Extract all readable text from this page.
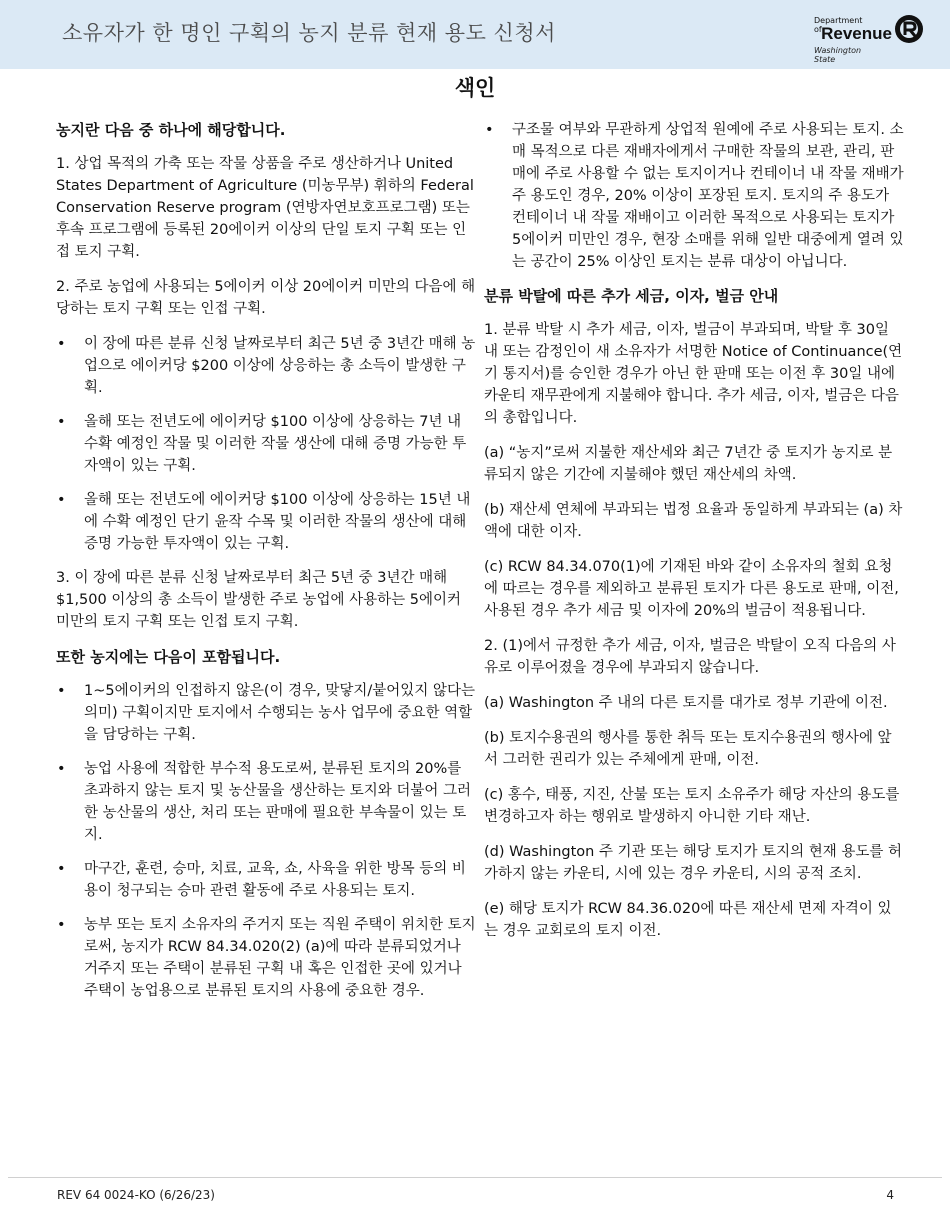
소유자가 한 명인 구획의 농지 분류 현재 용도 신청서
Department of Revenue
Washington State
색인
농지란 다음 중 하나에 해당합니다.

1. 상업 목적의 가축 또는 작물 상품을 주로 생산하거나 United States Department of Agriculture (미농무부) 휘하의 Federal Conservation Reserve program (연방자연보호프로그램) 또는 후속 프로그램에 등록된 20에이커 이상의 단일 토지 구획 또는 인접 토지 구획.

2. 주로 농업에 사용되는 5에이커 이상 20에이커 미만의 다음에 해당하는 토지 구획 또는 인접 구획.

•	이 장에 따른 분류 신청 날짜로부터 최근 5년 중 3년간 매해 농업으로 에이커당 $200 이상에 상응하는 총 소득이 발생한 구획.
•	올해 또는 전년도에 에이커당 $100 이상에 상응하는 7년 내 수확 예정인 작물 및 이러한 작물 생산에 대해 증명 가능한 투자액이 있는 구획.
•	올해 또는 전년도에 에이커당 $100 이상에 상응하는 15년 내에 수확 예정인 단기 윤작 수목 및 이러한 작물의 생산에 대해 증명 가능한 투자액이 있는 구획.

3. 이 장에 따른 분류 신청 날짜로부터 최근 5년 중 3년간 매해 $1,500 이상의 총 소득이 발생한 주로 농업에 사용하는 5에이커 미만의 토지 구획 또는 인접 토지 구획.

또한 농지에는 다음이 포함됩니다.
•	1~5에이커의 인접하지 않은(이 경우, 맞닿지/붙어있지 않다는 의미) 구획이지만 토지에서 수행되는 농사 업무에 중요한 역할을 담당하는 구획.
•	농업 사용에 적합한 부수적 용도로써, 분류된 토지의 20%를 초과하지 않는 토지 및 농산물을 생산하는 토지와 더불어 그러한 농산물의 생산, 처리 또는 판매에 필요한 부속물이 있는 토지.
•	마구간, 훈련, 승마, 치료, 교육, 쇼, 사육을 위한 방목 등의 비용이 청구되는 승마 관련 활동에 주로 사용되는 토지.
•	농부 또는 토지 소유자의 주거지 또는 직원 주택이 위치한 토지로써, 농지가 RCW 84.34.020(2) (a)에 따라 분류되었거나 거주지 또는 주택이 분류된 구획 내 혹은 인접한 곳에 있거나 주택이 농업용으로 분류된 토지의 사용에 중요한 경우.
•	구조물 여부와 무관하게 상업적 원예에 주로 사용되는 토지. 소매 목적으로 다른 재배자에게서 구매한 작물의 보관, 관리, 판매에 주로 사용할 수 없는 토지이거나 컨테이너 내 작물 재배가 주 용도인 경우, 20% 이상이 포장된 토지. 토지의 주 용도가 컨테이너 내 작물 재배이고 이러한 목적으로 사용되는 토지가 5에이커 미만인 경우, 현장 소매를 위해 일반 대중에게 열려 있는 공간이 25% 이상인 토지는 분류 대상이 아닙니다.
분류 박탈에 따른 추가 세금, 이자, 벌금 안내

1. 분류 박탈 시 추가 세금, 이자, 벌금이 부과되며, 박탈 후 30일 내 또는 감정인이 새 소유자가 서명한 Notice of Continuance(연기 통지서)를 승인한 경우가 아닌 한 판매 또는 이전 후 30일 내에 카운티 재무관에게 지불해야 합니다. 추가 세금, 이자, 벌금은 다음의 총합입니다.

(a) “농지”로써 지불한 재산세와 최근 7년간 중 토지가 농지로 분류되지 않은 기간에 지불해야 했던 재산세의 차액.

(b) 재산세 연체에 부과되는 법정 요율과 동일하게 부과되는 (a) 차액에 대한 이자.

(c) RCW 84.34.070(1)에 기재된 바와 같이 소유자의 철회 요청에 따르는 경우를 제외하고 분류된 토지가 다른 용도로 판매, 이전, 사용된 경우 추가 세금 및 이자에 20%의 벌금이 적용됩니다.

2. (1)에서 규정한 추가 세금, 이자, 벌금은 박탈이 오직 다음의 사유로 이루어졌을 경우에 부과되지 않습니다.

(a) Washington 주 내의 다른 토지를 대가로 정부 기관에 이전.

(b) 토지수용권의 행사를 통한 취득 또는 토지수용권의 행사에 앞서 그러한 권리가 있는 주체에게 판매, 이전.

(c) 홍수, 태풍, 지진, 산불 또는 토지 소유주가 해당 자산의 용도를 변경하고자 하는 행위로 발생하지 아니한 기타 재난.

(d) Washington 주 기관 또는 해당 토지가 토지의 현재 용도를 허가하지 않는 카운티, 시에 있는 경우 카운티, 시의 공적 조치.

(e) 해당 토지가 RCW 84.36.020에 따른 재산세 면제 자격이 있는 경우 교회로의 토지 이전.

REV 64 0024-KO (6/26/23)	4
